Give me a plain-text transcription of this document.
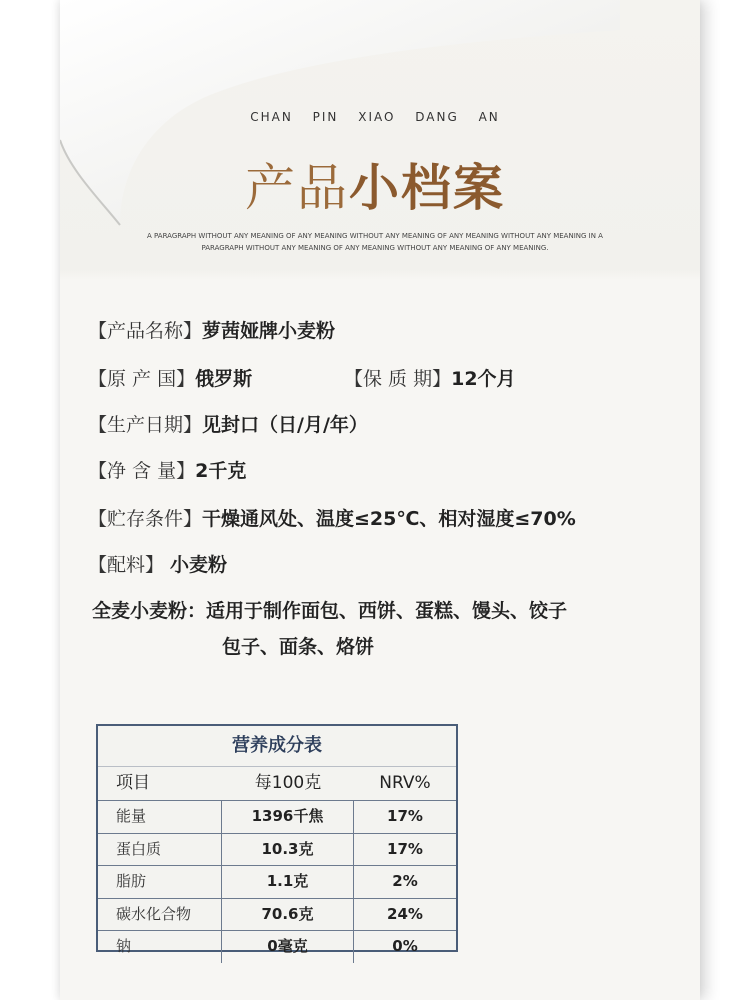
CHAN PIN XIAO DANG AN
产品小档案
A PARAGRAPH WITHOUT ANY MEANING OF ANY MEANING WITHOUT ANY MEANING OF ANY MEANING WITHOUT ANY MEANING IN A
PARAGRAPH WITHOUT ANY MEANING OF ANY MEANING WITHOUT ANY MEANING OF ANY MEANING.
【产品名称】萝茜娅牌小麦粉
【原 产 国】俄罗斯	【保 质 期】12个月
【生产日期】见封口（日/月/年）
【净 含 量】2千克
【贮存条件】干燥通风处、温度≤25℃、相对湿度≤70%
【配料】 小麦粉
全麦小麦粉：适用于制作面包、西饼、蛋糕、馒头、饺子
包子、面条、烙饼
营养成分表
项目	每100克	NRV%
能量	1396千焦	17%
蛋白质	10.3克	17%
脂肪	1.1克	2%
碳水化合物	70.6克	24%
钠	0毫克	0%
